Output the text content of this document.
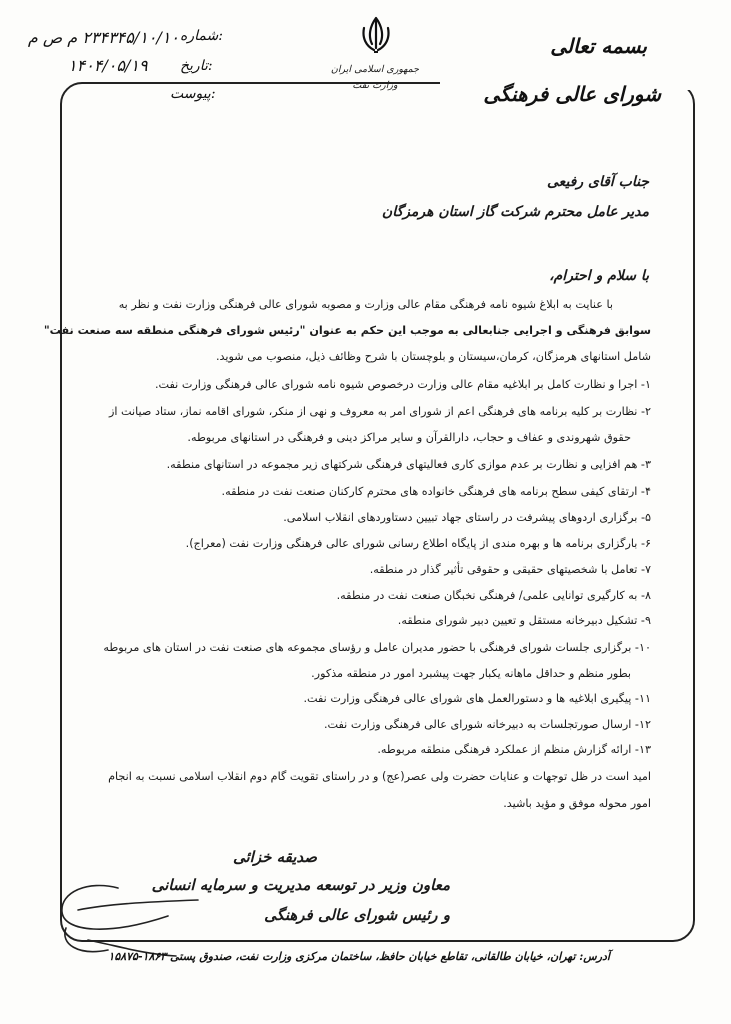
بسمه تعالی
جمهوری اسلامی ایران
وزارت نفت
شماره:
۲۳۴۳۴۵/۱۰/۱۰ م ص م
تاریخ:
۱۴۰۴/۰۵/۱۹
پیوست:	شورای عالی فرهنگی
جناب آقای رفیعی
مدیر عامل محترم شرکت گاز استان هرمزگان
با سلام و احترام،
با عنایت به ابلاغ شیوه نامه فرهنگی مقام عالی وزارت و مصوبه شورای عالی فرهنگی وزارت نفت و نظر به
سوابق فرهنگی و اجرایی جنابعالی به موجب این حکم به عنوان "رئیس شورای فرهنگی منطقه سه صنعت نفت"
شامل استانهای هرمزگان، کرمان،سیستان و بلوچستان با شرح وظائف ذیل، منصوب می شوید.
۱- اجرا و نظارت کامل بر ابلاغیه مقام عالی وزارت درخصوص شیوه نامه شورای عالی فرهنگی وزارت نفت.
۲- نظارت بر کلیه برنامه های فرهنگی اعم از شورای امر به معروف و نهی از منکر، شورای اقامه نماز، ستاد صیانت از
حقوق شهروندی و عفاف و حجاب، دارالقرآن و سایر مراکز دینی و فرهنگی در استانهای مربوطه.
۳- هم افزایی و نظارت بر عدم موازی کاری فعالیتهای فرهنگی شرکتهای زیر مجموعه در استانهای منطقه.
۴- ارتقای کیفی سطح برنامه های فرهنگی خانواده های محترم کارکنان صنعت نفت در منطقه.
۵- برگزاری اردوهای پیشرفت در راستای جهاد تبیین دستاوردهای انقلاب اسلامی.
۶- بارگزاری برنامه ها و بهره مندی از پایگاه اطلاع رسانی شورای عالی فرهنگی وزارت نفت (معراج).
۷- تعامل با شخصیتهای حقیقی و حقوقی تأثیر گذار در منطقه.
۸- به کارگیری توانایی علمی/ فرهنگی نخبگان صنعت نفت در منطقه.
۹- تشکیل دبیرخانه مستقل و تعیین دبیر شورای منطقه.
۱۰- برگزاری جلسات شورای فرهنگی با حضور مدیران عامل و رؤسای مجموعه های صنعت نفت در استان های مربوطه
بطور منظم و حداقل ماهانه یکبار جهت پیشبرد امور در منطقه مذکور.
۱۱- پیگیری ابلاغیه ها و دستورالعمل های شورای عالی فرهنگی وزارت نفت.
۱۲- ارسال صورتجلسات به دبیرخانه شورای عالی فرهنگی وزارت نفت.
۱۳- ارائه گزارش منظم از عملکرد فرهنگی منطقه مربوطه.
امید است در ظل توجهات و عنایات حضرت ولی عصر(عج) و در راستای تقویت گام دوم انقلاب اسلامی نسبت به انجام
امور محوله موفق و مؤید باشید.
صدیقه خزائی
معاون وزیر در توسعه مدیریت و سرمایه انسانی
و رئیس شورای عالی فرهنگی
آدرس: تهران، خیابان طالقانی، تقاطع خیابان حافظ، ساختمان مرکزی وزارت نفت، صندوق پستی ۱۸۶۳-۱۵۸۷۵
